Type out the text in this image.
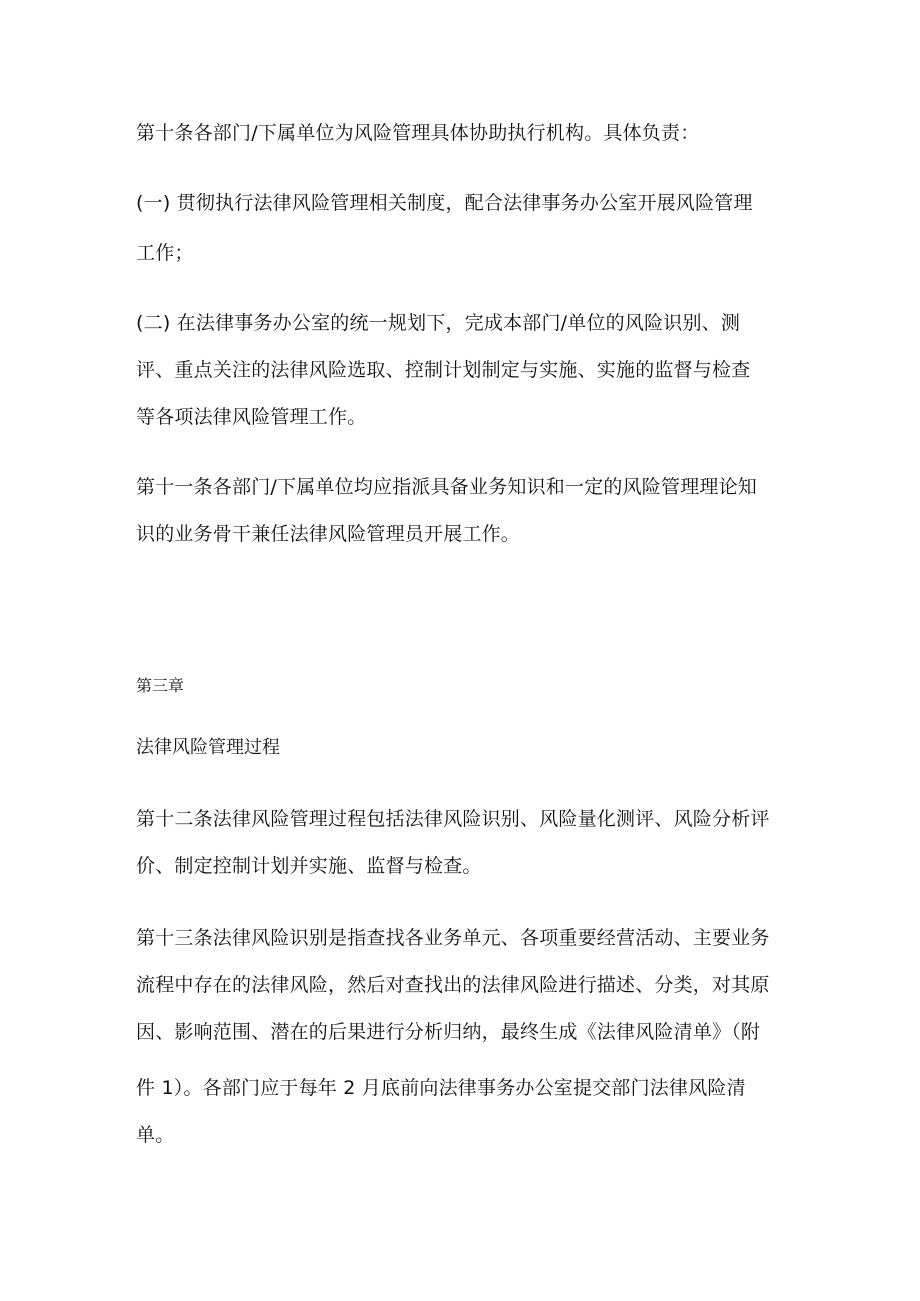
第十条各部门/下属单位为风险管理具体协助执行机构。具体负责：
(一) 贯彻执行法律风险管理相关制度，配合法律事务办公室开展风险管理
工作；
(二) 在法律事务办公室的统一规划下，完成本部门/单位的风险识别、测
评、重点关注的法律风险选取、控制计划制定与实施、实施的监督与检查
等各项法律风险管理工作。
第十一条各部门/下属单位均应指派具备业务知识和一定的风险管理理论知
识的业务骨干兼任法律风险管理员开展工作。
第三章
法律风险管理过程
第十二条法律风险管理过程包括法律风险识别、风险量化测评、风险分析评
价、制定控制计划并实施、监督与检查。
第十三条法律风险识别是指查找各业务单元、各项重要经营活动、主要业务
流程中存在的法律风险，然后对查找出的法律风险进行描述、分类，对其原
因、影响范围、潜在的后果进行分析归纳，最终生成《法律风险清单》（附
件 1）。各部门应于每年 2 月底前向法律事务办公室提交部门法律风险清
单。
